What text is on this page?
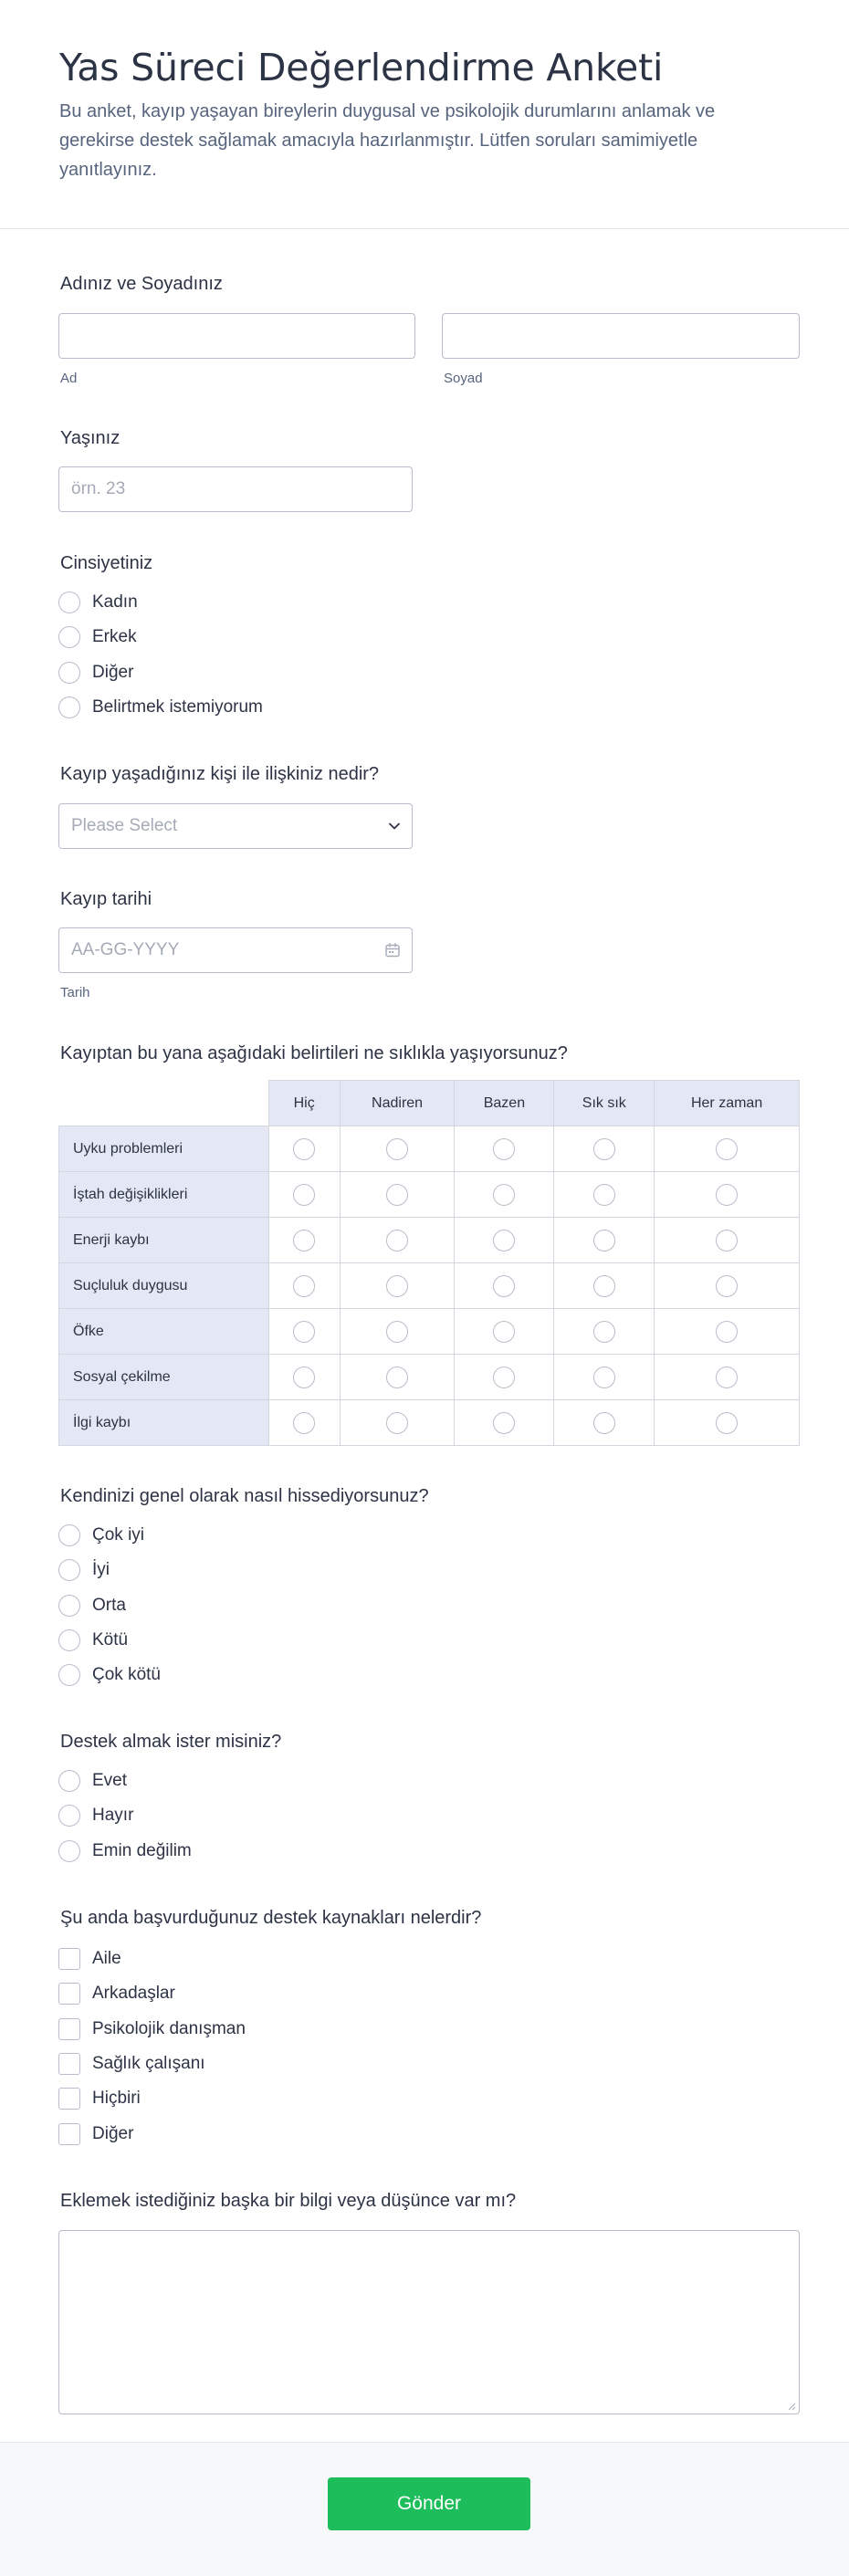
Yas Süreci Değerlendirme Anketi

Bu anket, kayıp yaşayan bireylerin duygusal ve psikolojik durumlarını anlamak ve gerekirse destek sağlamak amacıyla hazırlanmıştır. Lütfen soruları samimiyetle yanıtlayınız.

Adınız ve Soyadınız
Ad	Soyad
Yaşınız
örn. 23
Cinsiyetiniz
Kadın
Erkek
Diğer
Belirtmek istemiyorum
Kayıp yaşadığınız kişi ile ilişkiniz nedir?
Please Select
Kayıp tarihi
AA-GG-YYYY
Tarih
Kayıptan bu yana aşağıdaki belirtileri ne sıklıkla yaşıyorsunuz?
	Hiç	Nadiren	Bazen	Sık sık	Her zaman
Uyku problemleri					
İştah değişiklikleri					
Enerji kaybı					
Suçluluk duygusu					
Öfke					
Sosyal çekilme					
İlgi kaybı					
Kendinizi genel olarak nasıl hissediyorsunuz?
Çok iyi
İyi
Orta
Kötü
Çok kötü
Destek almak ister misiniz?
Evet
Hayır
Emin değilim
Şu anda başvurduğunuz destek kaynakları nelerdir?
Aile
Arkadaşlar
Psikolojik danışman
Sağlık çalışanı
Hiçbiri
Diğer
Eklemek istediğiniz başka bir bilgi veya düşünce var mı?
Gönder
